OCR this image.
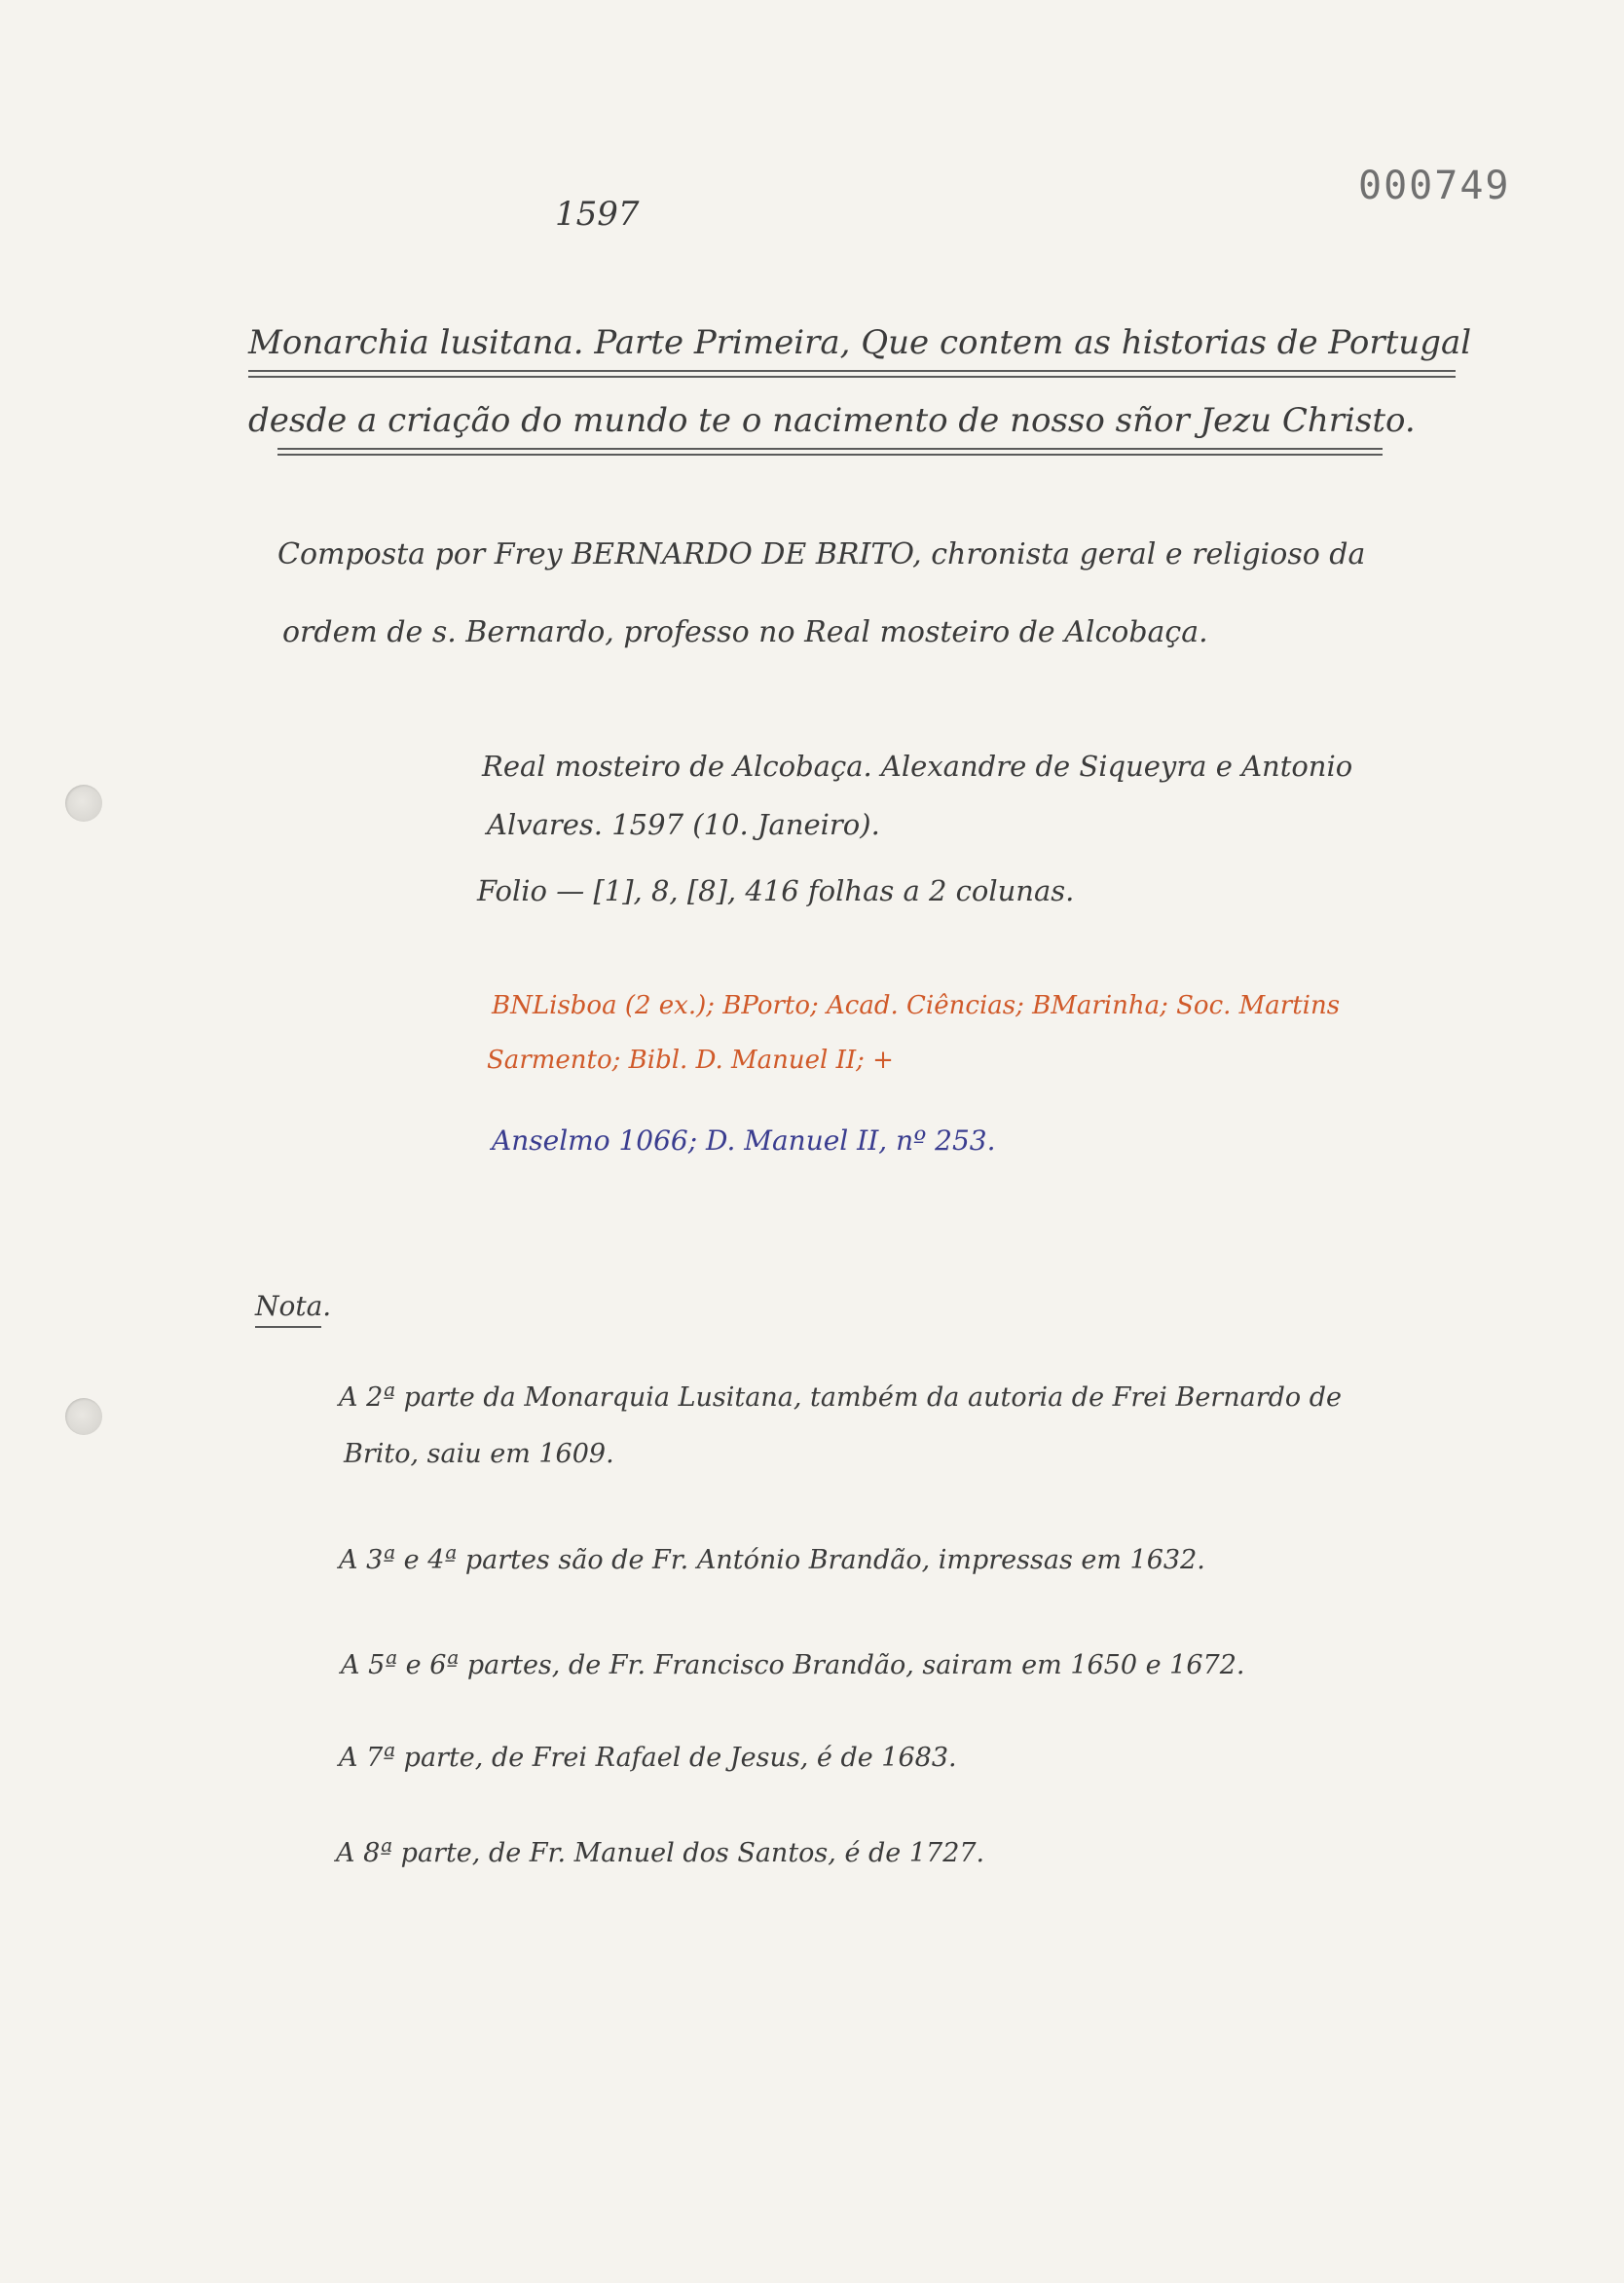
000749
1597
Monarchia lusitana. Parte Primeira, Que contem as historias de Portugal
desde a criação do mundo te o nacimento de nosso sñor Jezu Christo.
Composta por Frey BERNARDO DE BRITO, chronista geral e religioso da
ordem de s. Bernardo, professo no Real mosteiro de Alcobaça.
Real mosteiro de Alcobaça. Alexandre de Siqueyra e Antonio
Alvares. 1597 (10. Janeiro).
Folio — [1], 8, [8], 416 folhas a 2 colunas.
BNLisboa (2 ex.); BPorto; Acad. Ciências; BMarinha; Soc. Martins
Sarmento; Bibl. D. Manuel II; +
Anselmo 1066; D. Manuel II, nº 253.
Nota.
A 2ª parte da Monarquia Lusitana, também da autoria de Frei Bernardo de
Brito, saiu em 1609.
A 3ª e 4ª partes são de Fr. António Brandão, impressas em 1632.
A 5ª e 6ª partes, de Fr. Francisco Brandão, sairam em 1650 e 1672.
A 7ª parte, de Frei Rafael de Jesus, é de 1683.
A 8ª parte, de Fr. Manuel dos Santos, é de 1727.
